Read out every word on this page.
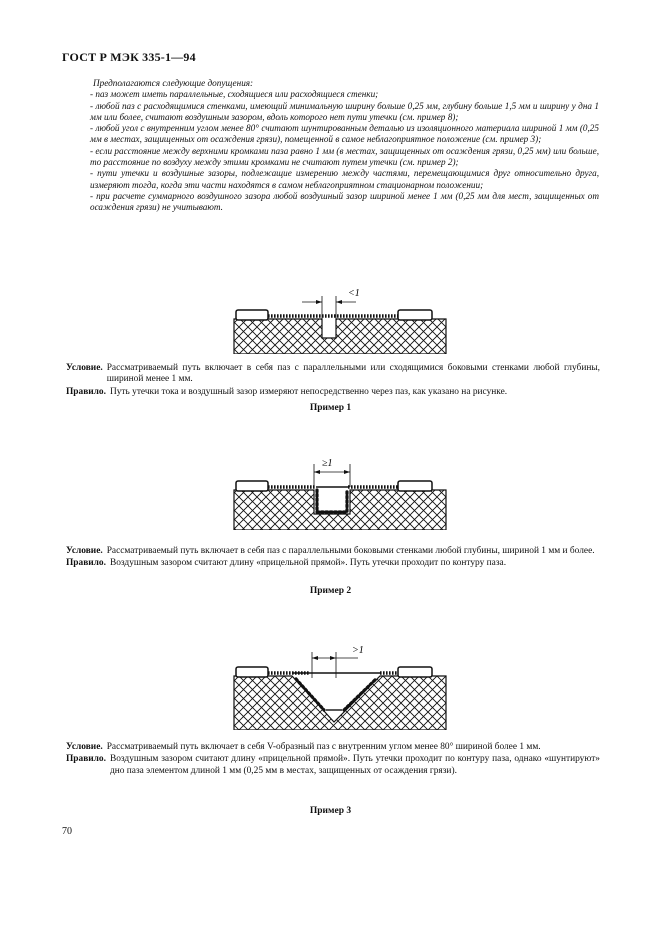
ГОСТ Р МЭК 335-1—94

Предполагаются следующие допущения:

- паз может иметь параллельные, сходящиеся или расходящиеся стенки;

- любой паз с расходящимися стенками, имеющий минимальную ширину больше 0,25 мм, глубину больше 1,5 мм и ширину у дна 1 мм или более, считают воздушным зазором, вдоль которого нет пути утечки (см. пример 8);

- любой угол с внутренним углом менее 80° считают шунтированным деталью из изоляционного материала шириной 1 мм (0,25 мм в местах, защищенных от осаждения грязи), помещенной в самое неблагоприятное положение (см. пример 3);

- если расстояние между верхними кромками паза равно 1 мм (в местах, защищенных от осаждения грязи, 0,25 мм) или больше, то расстояние по воздуху между этими кромками не считают путем утечки (см. пример 2);

- пути утечки и воздушные зазоры, подлежащие измерению между частями, перемещающимися друг относительно друга, измеряют тогда, когда эти части находятся в самом неблагоприятном стационарном положении;

- при расчете суммарного воздушного зазора любой воздушный зазор шириной менее 1 мм (0,25 мм для мест, защищенных от осаждения грязи) не учитывают.

<1
Условие. Рассматриваемый путь включает в себя паз с параллельными или сходящимися боковыми стенками любой глубины, шириной менее 1 мм.
Правило. Путь утечки тока и воздушный зазор измеряют непосредственно через паз, как указано на рисунке.
Пример 1
≥1
Условие. Рассматриваемый путь включает в себя паз с параллельными боковыми стенками любой глубины, шириной 1 мм и более.
Правило. Воздушным зазором считают длину «прицельной прямой». Путь утечки проходит по контуру паза.
Пример 2
>1
Условие. Рассматриваемый путь включает в себя V-образный паз с внутренним углом менее 80° шириной более 1 мм.
Правило. Воздушным зазором считают длину «прицельной прямой». Путь утечки проходит по контуру паза, однако «шунтируют» дно паза элементом длиной 1 мм (0,25 мм в местах, защищенных от осаждения грязи).
Пример 3
70
